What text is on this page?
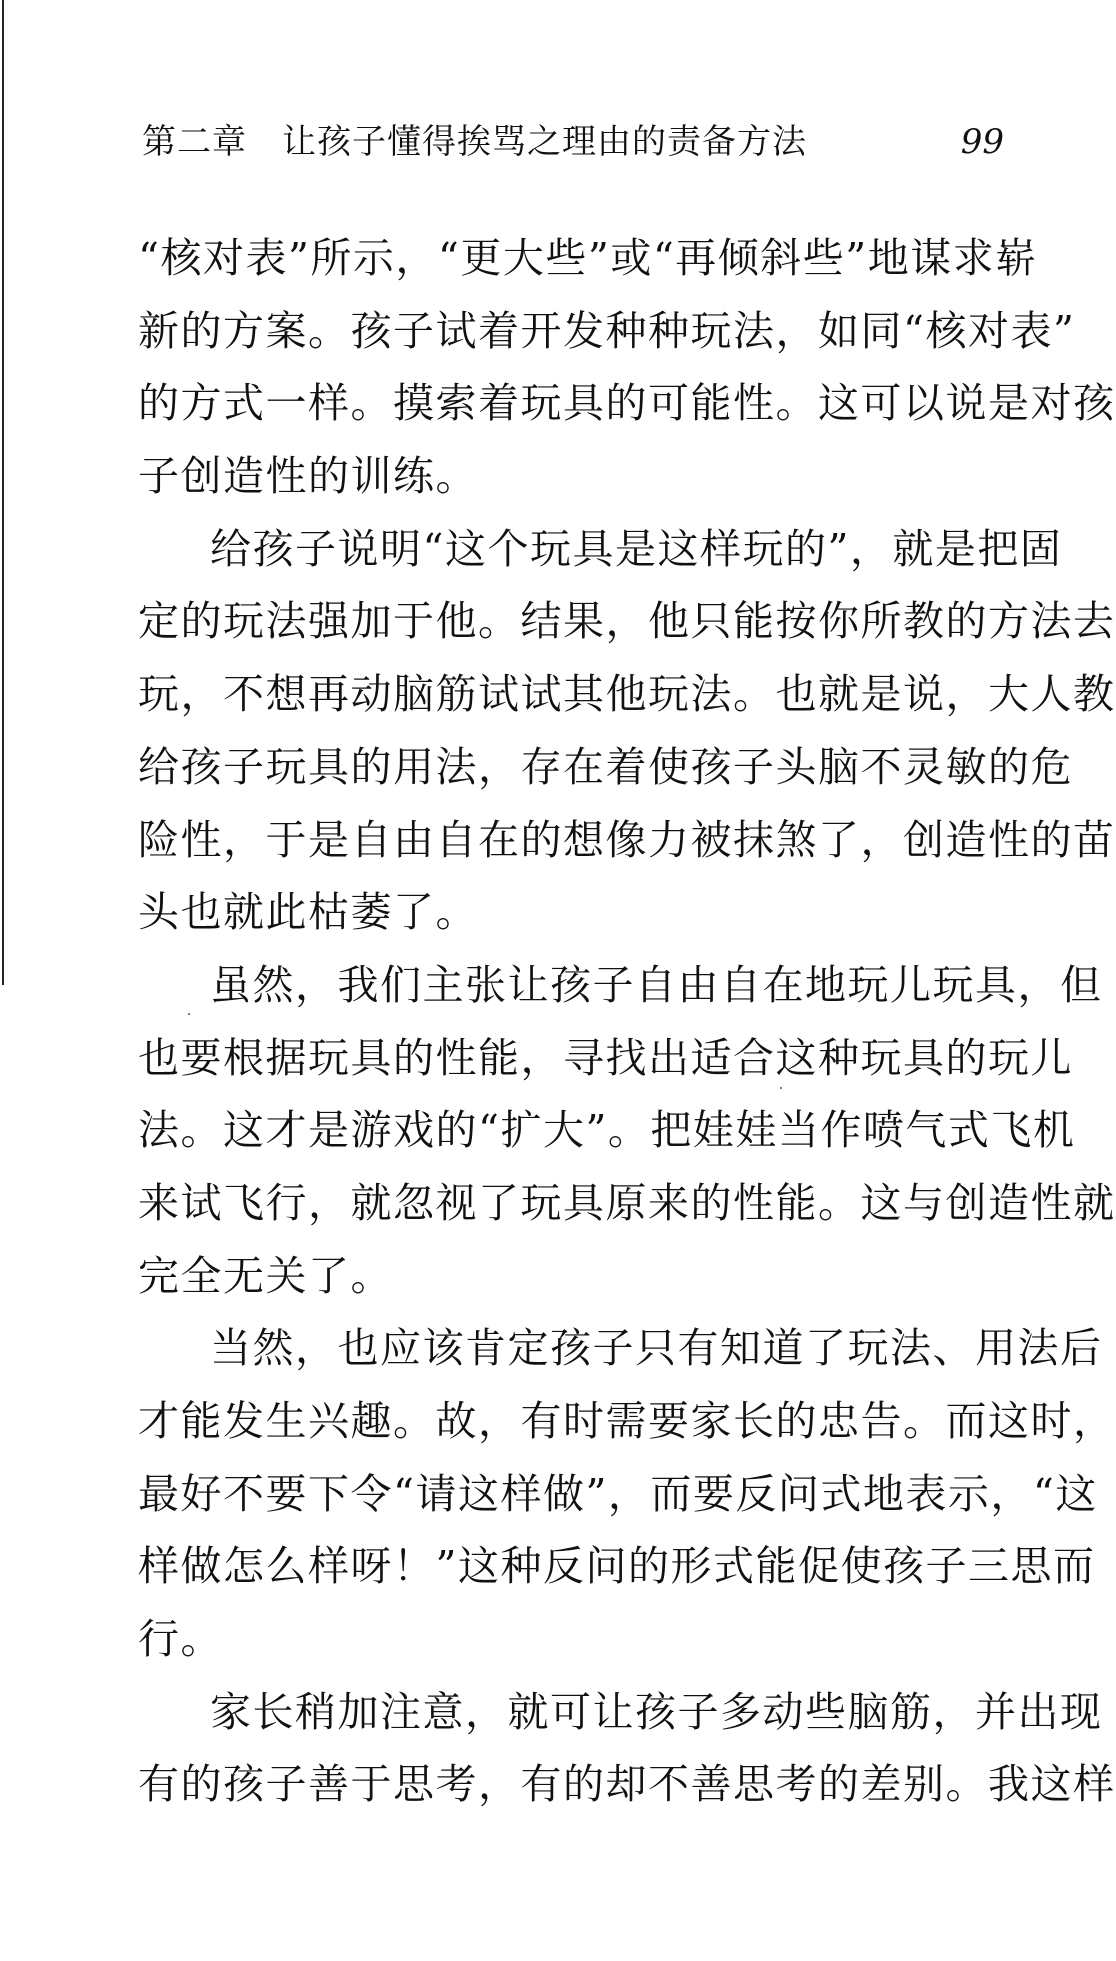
第二章　让孩子懂得挨骂之理由的责备方法	99
“核对表”所示，“更大些”或“再倾斜些”地谋求崭
新的方案。孩子试着开发种种玩法，如同“核对表”
的方式一样。摸索着玩具的可能性。这可以说是对孩
子创造性的训练。
给孩子说明“这个玩具是这样玩的”，就是把固
定的玩法强加于他。结果，他只能按你所教的方法去
玩，不想再动脑筋试试其他玩法。也就是说，大人教
给孩子玩具的用法，存在着使孩子头脑不灵敏的危
险性，于是自由自在的想像力被抹煞了，创造性的苗
头也就此枯萎了。
虽然，我们主张让孩子自由自在地玩儿玩具，但
也要根据玩具的性能，寻找出适合这种玩具的玩儿
法。这才是游戏的“扩大”。把娃娃当作喷气式飞机
来试飞行，就忽视了玩具原来的性能。这与创造性就
完全无关了。
当然，也应该肯定孩子只有知道了玩法、用法后
才能发生兴趣。故，有时需要家长的忠告。而这时，
最好不要下令“请这样做”，而要反问式地表示，“这
样做怎么样呀！”这种反问的形式能促使孩子三思而
行。
家长稍加注意，就可让孩子多动些脑筋，并出现
有的孩子善于思考，有的却不善思考的差别。我这样
